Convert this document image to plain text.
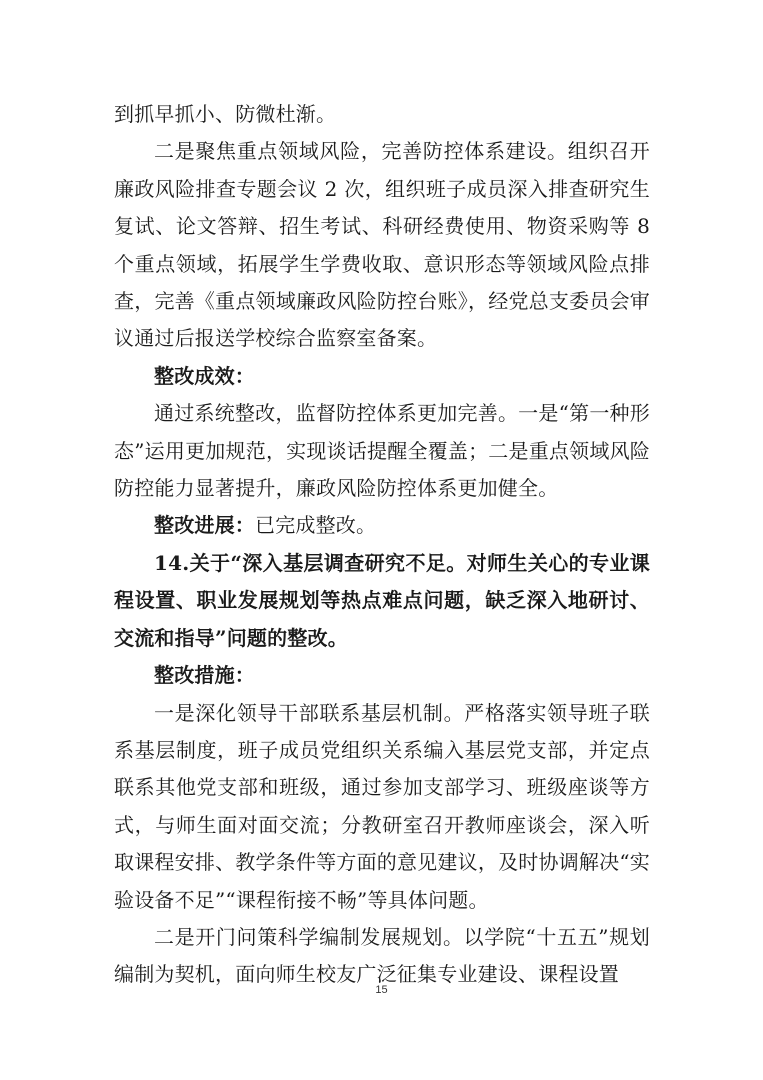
到抓早抓小、防微杜渐。

二是聚焦重点领域风险，完善防控体系建设。组织召开廉政风险排查专题会议 2 次，组织班子成员深入排查研究生复试、论文答辩、招生考试、科研经费使用、物资采购等 8 个重点领域，拓展学生学费收取、意识形态等领域风险点排查，完善《重点领域廉政风险防控台账》，经党总支委员会审议通过后报送学校综合监察室备案。

整改成效：

通过系统整改，监督防控体系更加完善。一是“第一种形态”运用更加规范，实现谈话提醒全覆盖；二是重点领域风险防控能力显著提升，廉政风险防控体系更加健全。

整改进展：已完成整改。

14.关于“深入基层调查研究不足。对师生关心的专业课程设置、职业发展规划等热点难点问题，缺乏深入地研讨、交流和指导”问题的整改。

整改措施：

一是深化领导干部联系基层机制。严格落实领导班子联系基层制度，班子成员党组织关系编入基层党支部，并定点联系其他党支部和班级，通过参加支部学习、班级座谈等方式，与师生面对面交流；分教研室召开教师座谈会，深入听取课程安排、教学条件等方面的意见建议，及时协调解决“实验设备不足”“课程衔接不畅”等具体问题。

二是开门问策科学编制发展规划。以学院“十五五”规划编制为契机，面向师生校友广泛征集专业建设、课程设置

15
